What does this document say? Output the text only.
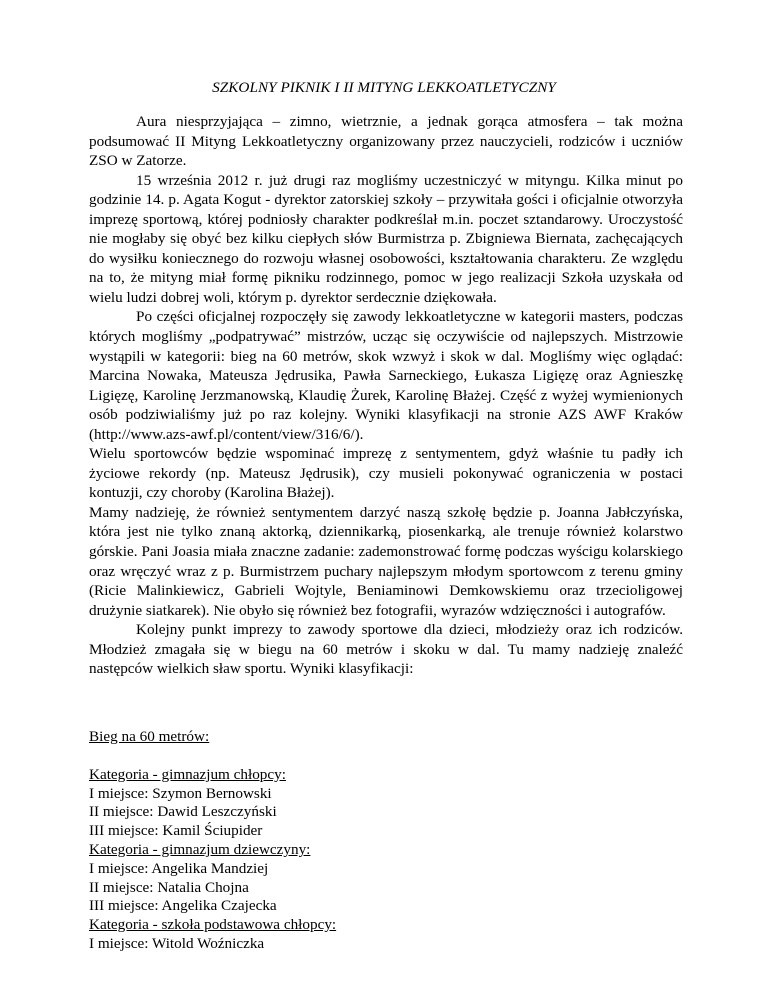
SZKOLNY PIKNIK I II MITYNG LEKKOATLETYCZNY

Aura niesprzyjająca – zimno, wietrznie, a jednak gorąca atmosfera – tak można podsumować II Mityng Lekkoatletyczny organizowany przez nauczycieli, rodziców i uczniów ZSO w Zatorze.

15 września 2012 r. już drugi raz mogliśmy uczestniczyć w mityngu. Kilka minut po godzinie 14. p. Agata Kogut - dyrektor zatorskiej szkoły – przywitała gości i oficjalnie otworzyła imprezę sportową, której podniosły charakter podkreślał m.in. poczet sztandarowy. Uroczystość nie mogłaby się obyć bez kilku ciepłych słów Burmistrza p. Zbigniewa Biernata, zachęcających do wysiłku koniecznego do rozwoju własnej osobowości, kształtowania charakteru. Ze względu na to, że mityng miał formę pikniku rodzinnego, pomoc w jego realizacji Szkoła uzyskała od wielu ludzi dobrej woli, którym p. dyrektor serdecznie dziękowała.

Po części oficjalnej rozpoczęły się zawody lekkoatletyczne w kategorii masters, podczas których mogliśmy „podpatrywać” mistrzów, ucząc się oczywiście od najlepszych. Mistrzowie wystąpili w kategorii: bieg na 60 metrów, skok wzwyż i skok w dal. Mogliśmy więc oglądać: Marcina Nowaka, Mateusza Jędrusika, Pawła Sarneckiego, Łukasza Ligięzę oraz Agnieszkę Ligięzę, Karolinę Jerzmanowską, Klaudię Żurek, Karolinę Błażej. Część z wyżej wymienionych osób podziwialiśmy już po raz kolejny. Wyniki klasyfikacji na stronie AZS AWF Kraków (http://www.azs-awf.pl/content/view/316/6/).

Wielu sportowców będzie wspominać imprezę z sentymentem, gdyż właśnie tu padły ich życiowe rekordy (np. Mateusz Jędrusik), czy musieli pokonywać ograniczenia w postaci kontuzji, czy choroby (Karolina Błażej).

Mamy nadzieję, że również sentymentem darzyć naszą szkołę będzie p. Joanna Jabłczyńska, która jest nie tylko znaną aktorką, dziennikarką, piosenkarką, ale trenuje również kolarstwo górskie. Pani Joasia miała znaczne zadanie: zademonstrować formę podczas wyścigu kolarskiego oraz wręczyć wraz z p. Burmistrzem puchary najlepszym młodym sportowcom z terenu gminy (Ricie Malinkiewicz, Gabrieli Wojtyle, Beniaminowi Demkowskiemu oraz trzecioligowej drużynie siatkarek). Nie obyło się również bez fotografii, wyrazów wdzięczności i autografów.

Kolejny punkt imprezy to zawody sportowe dla dzieci, młodzieży oraz ich rodziców. Młodzież zmagała się w biegu na 60 metrów i skoku w dal. Tu mamy nadzieję znaleźć następców wielkich sław sportu. Wyniki klasyfikacji:

Bieg na 60 metrów:
Kategoria - gimnazjum chłopcy:
I miejsce: Szymon Bernowski
II miejsce: Dawid Leszczyński
III miejsce: Kamil Ściupider
Kategoria - gimnazjum dziewczyny:
I miejsce: Angelika Mandziej
II miejsce: Natalia Chojna
III miejsce: Angelika Czajecka
Kategoria - szkoła podstawowa chłopcy:
I miejsce: Witold Woźniczka
